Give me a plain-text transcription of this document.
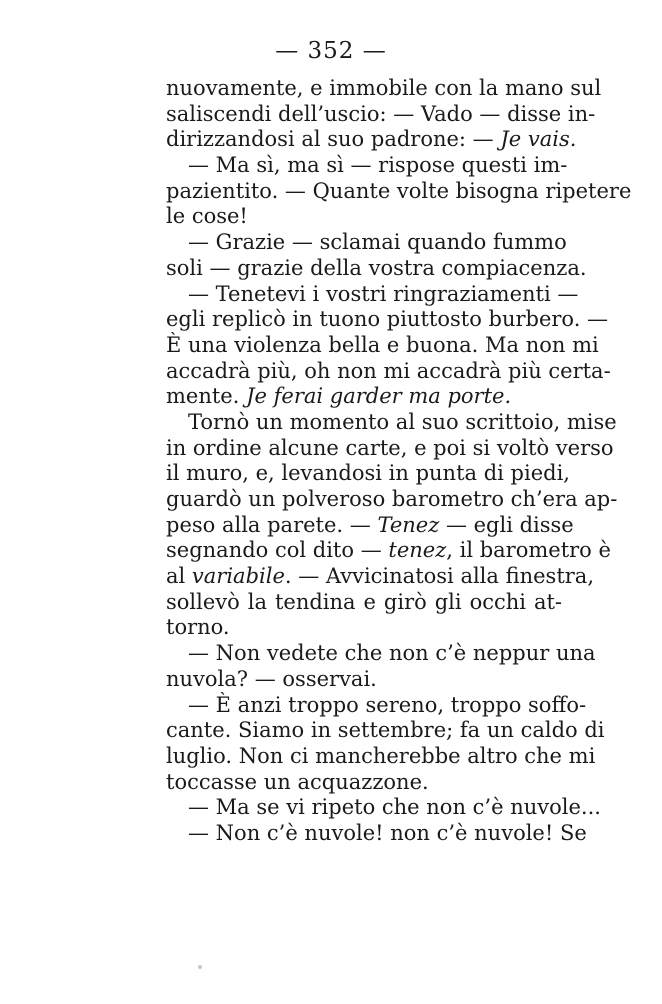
— 352 —
nuovamente, e immobile con la mano sul
saliscendi dell’uscio: — Vado — disse in-
dirizzandosi al suo padrone: — Je vais.
— Ma sì, ma sì — rispose questi im-
pazientito. — Quante volte bisogna ripetere
le cose!
— Grazie — sclamai quando fummo
soli — grazie della vostra compiacenza.
— Tenetevi i vostri ringraziamenti —
egli replicò in tuono piuttosto burbero. —
È una violenza bella e buona. Ma non mi
accadrà più, oh non mi accadrà più certa-
mente. Je ferai garder ma porte.
Tornò un momento al suo scrittoio, mise
in ordine alcune carte, e poi si voltò verso
il muro, e, levandosi in punta di piedi,
guardò un polveroso barometro ch’era ap-
peso alla parete. — Tenez — egli disse
segnando col dito — tenez, il barometro è
al variabile. — Avvicinatosi alla finestra,
sollevò la tendina e girò gli occhi at-
torno.
— Non vedete che non c’è neppur una
nuvola? — osservai.
— È anzi troppo sereno, troppo soffo-
cante. Siamo in settembre; fa un caldo di
luglio. Non ci mancherebbe altro che mi
toccasse un acquazzone.
— Ma se vi ripeto che non c’è nuvole...
— Non c’è nuvole! non c’è nuvole! Se
